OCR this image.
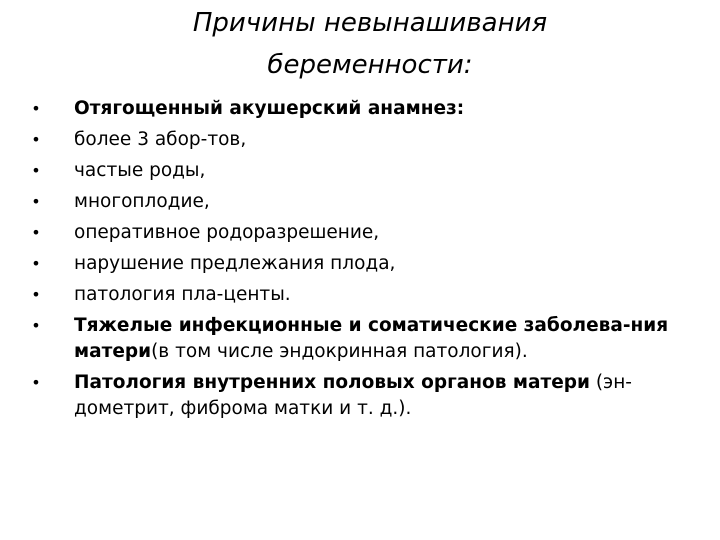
Причины невынашивания
беременности:
• Отягощенный акушерский анамнез:
• более 3 абор-тов,
• частые роды,
• многоплодие,
• оперативное родоразрешение,
• нарушение предлежания плода,
• патология пла-центы.
• Тяжелые инфекционные и соматические заболева-ния матери(в том числе эндокринная патология).
• Патология внутренних половых органов матери (эн-дометрит, фиброма матки и т. д.).
